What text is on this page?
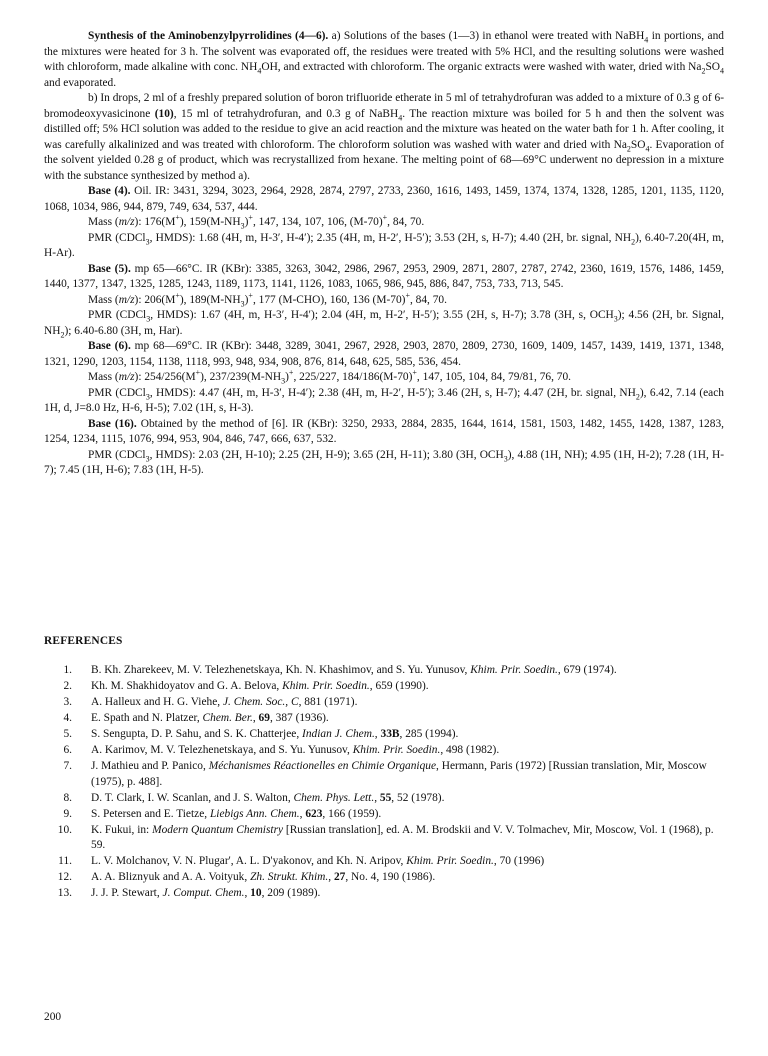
Synthesis of the Aminobenzylpyrrolidines (4—6). a) Solutions of the bases (1—3) in ethanol were treated with NaBH$_4$ in portions, and the mixtures were heated for 3 h. The solvent was evaporated off, the residues were treated with 5% HCl, and the resulting solutions were washed with chloroform, made alkaline with conc. $NH_4OH$, and extracted with chloroform. The organic extracts were washed with water, dried with $Na_2SO_4$ and evaporated.

b) In drops, 2 ml of a freshly prepared solution of boron trifluoride etherate in 5 ml of tetrahydrofuran was added to a mixture of 0.3 g of 6-bromodeoxyvasicinone (10), 15 ml of tetrahydrofuran, and 0.3 g of NaBH$_4$. The reaction mixture was boiled for 5 h and then the solvent was distilled off; 5% HCl solution was added to the residue to give an acid reaction and the mixture was heated on the water bath for 1 h. After cooling, it was carefully alkalinized and was treated with chloroform. The chloroform solution was washed with water and dried with $Na_2SO_4$. Evaporation of the solvent yielded 0.28 g of product, which was recrystallized from hexane. The melting point of 68—69°C underwent no depression in a mixture with the substance synthesized by method a).

Base (4). Oil. IR: 3431, 3294, 3023, 2964, 2928, 2874, 2797, 2733, 2360, 1616, 1493, 1459, 1374, 1374, 1328, 1285, 1201, 1135, 1120, 1068, 1034, 986, 944, 879, 749, 634, 537, 444.

Mass (m/z): 176(M+), $159(M-NH_3)^+$, 147, 134, 107, 106, (M-70)+, 84, 70.

PMR (CDCl$_3$, HMDS): 1.68 (4H, m, H-3′, H-4′); 2.35 (4H, m, H-2′, H-5′); 3.53 (2H, s, H-7); 4.40 (2H, br. signal, $NH_2$), 6.40-7.20(4H, m, H-Ar).

Base (5). mp 65—66°C. IR (KBr): 3385, 3263, 3042, 2986, 2967, 2953, 2909, 2871, 2807, 2787, 2742, 2360, 1619, 1576, 1486, 1459, 1440, 1377, 1347, 1325, 1285, 1243, 1189, 1173, 1141, 1126, 1083, 1065, 986, 945, 886, 847, 753, 733, 713, 545.

Mass (m/z): 206(M+), $189(M-NH_3)^+$, 177 (M-CHO), 160, 136 (M-70)+, 84, 70.

PMR (CDCl$_3$, HMDS): 1.67 (4H, m, H-3′, H-4′); 2.04 (4H, m, H-2′, H-5′); 3.55 (2H, s, H-7); 3.78 (3H, s, $OCH_3$); 4.56 (2H, br. Signal, $NH_2$); 6.40-6.80 (3H, m, Har).

Base (6). mp 68—69°C. IR (KBr): 3448, 3289, 3041, 2967, 2928, 2903, 2870, 2809, 2730, 1609, 1409, 1457, 1439, 1419, 1371, 1348, 1321, 1290, 1203, 1154, 1138, 1118, 993, 948, 934, 908, 876, 814, 648, 625, 585, 536, 454.

Mass (m/z): 254/256(M+), $237/239(M-NH_3)^+$, 225/227, 184/186(M-70)+, 147, 105, 104, 84, 79/81, 76, 70.

PMR (CDCl$_3$, HMDS): 4.47 (4H, m, H-3′, H-4′); 2.38 (4H, m, H-2′, H-5′); 3.46 (2H, s, H-7); 4.47 (2H, br. signal, $NH_2$), 6.42, 7.14 (each 1H, d, J=8.0 Hz, H-6, H-5); 7.02 (1H, s, H-3).

Base (16). Obtained by the method of [6]. IR (KBr): 3250, 2933, 2884, 2835, 1644, 1614, 1581, 1503, 1482, 1455, 1428, 1387, 1283, 1254, 1234, 1115, 1076, 994, 953, 904, 846, 747, 666, 637, 532.

PMR (CDCl$_3$, HMDS): 2.03 (2H, H-10); 2.25 (2H, H-9); 3.65 (2H, H-11); 3.80 (3H, $OCH_3$), 4.88 (1H, NH); 4.95 (1H, H-2); 7.28 (1H, H-7); 7.45 (1H, H-6); 7.83 (1H, H-5).

REFERENCES
1. B. Kh. Zharekeev, M. V. Telezhenetskaya, Kh. N. Khashimov, and S. Yu. Yunusov, Khim. Prir. Soedin., 679 (1974).
2. Kh. M. Shakhidoyatov and G. A. Belova, Khim. Prir. Soedin., 659 (1990).
3. A. Halleux and H. G. Viehe, J. Chem. Soc., C, 881 (1971).
4. E. Spath and N. Platzer, Chem. Ber., 69, 387 (1936).
5. S. Sengupta, D. P. Sahu, and S. K. Chatterjee, Indian J. Chem., 33B, 285 (1994).
6. A. Karimov, M. V. Telezhenetskaya, and S. Yu. Yunusov, Khim. Prir. Soedin., 498 (1982).
7. J. Mathieu and P. Panico, Méchanismes Réactionelles en Chimie Organique, Hermann, Paris (1972) [Russian translation, Mir, Moscow (1975), p. 488].
8. D. T. Clark, I. W. Scanlan, and J. S. Walton, Chem. Phys. Lett., 55, 52 (1978).
9. S. Petersen and E. Tietze, Liebigs Ann. Chem., 623, 166 (1959).
10. K. Fukui, in: Modern Quantum Chemistry [Russian translation], ed. A. M. Brodskii and V. V. Tolmachev, Mir, Moscow, Vol. 1 (1968), p. 59.
11. L. V. Molchanov, V. N. Plugar', A. L. D'yakonov, and Kh. N. Aripov, Khim. Prir. Soedin., 70 (1996)
12. A. A. Bliznyuk and A. A. Voityuk, Zh. Strukt. Khim., 27, No. 4, 190 (1986).
13. J. J. P. Stewart, J. Comput. Chem., 10, 209 (1989).
200
